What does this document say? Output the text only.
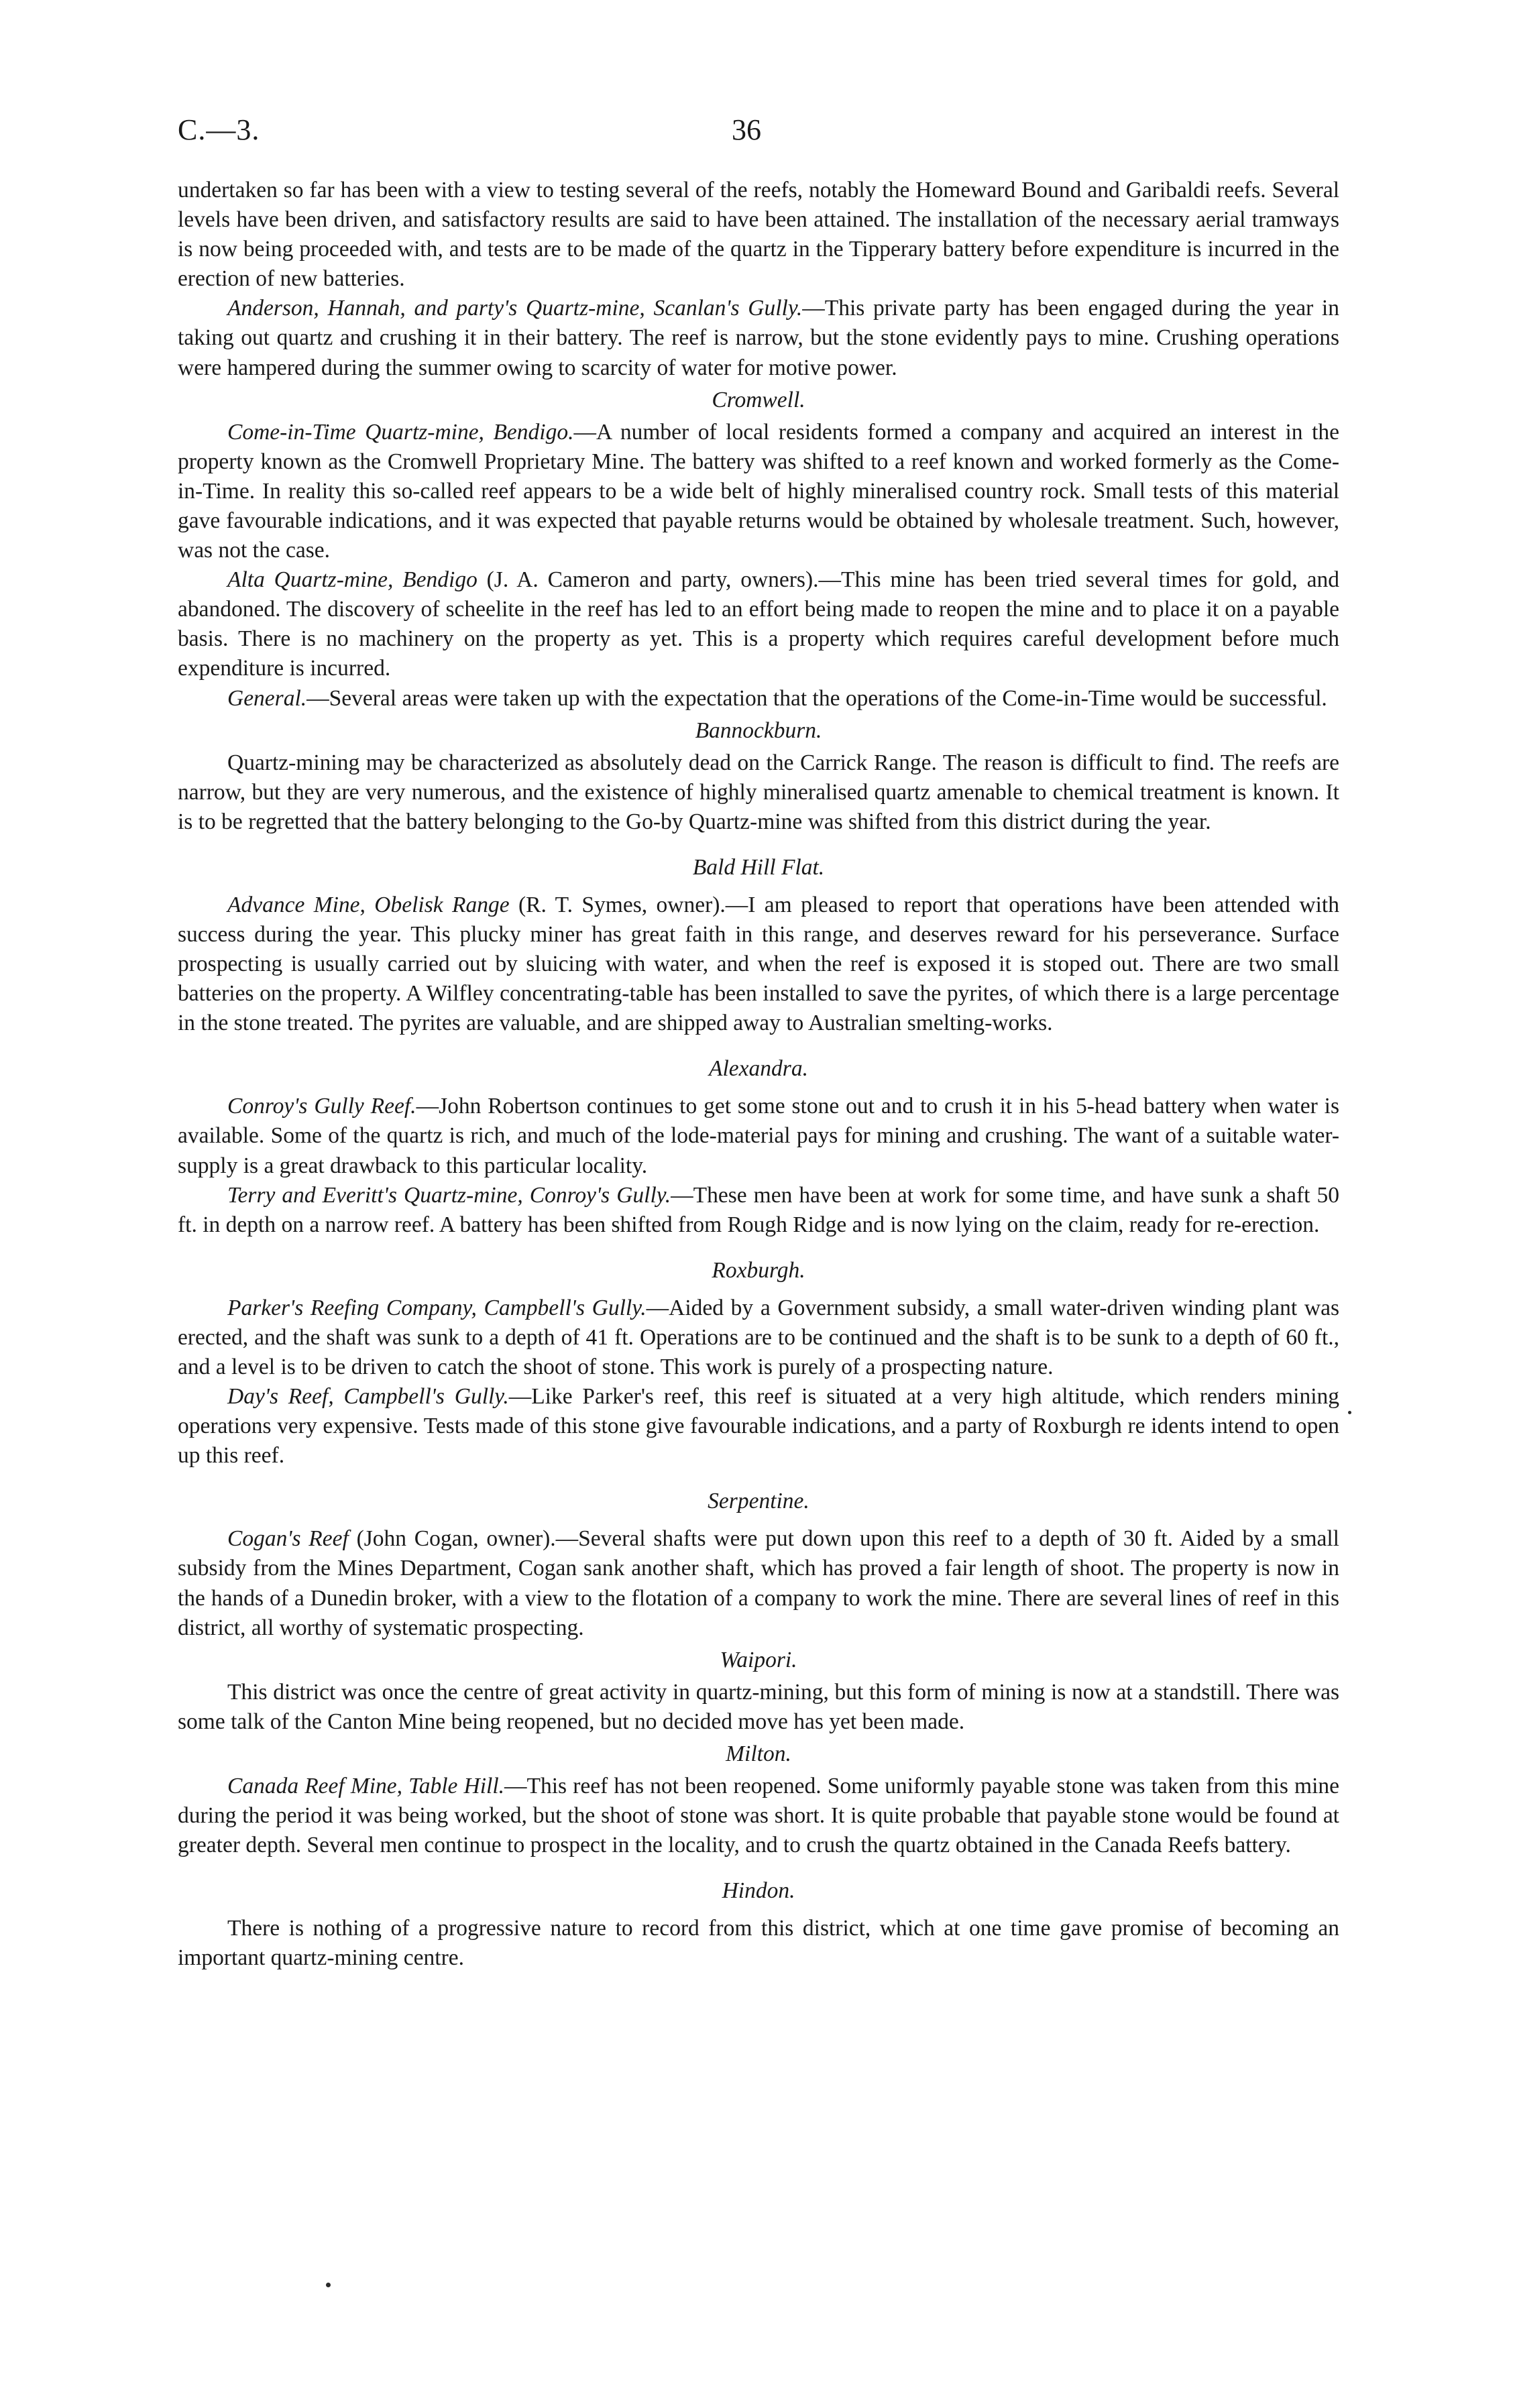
C.—3.	36

undertaken so far has been with a view to testing several of the reefs, notably the Homeward Bound and Garibaldi reefs. Several levels have been driven, and satisfactory results are said to have been attained. The installation of the necessary aerial tramways is now being proceeded with, and tests are to be made of the quartz in the Tipperary battery before expenditure is incurred in the erection of new batteries.

Anderson, Hannah, and party's Quartz-mine, Scanlan's Gully.—This private party has been engaged during the year in taking out quartz and crushing it in their battery. The reef is narrow, but the stone evidently pays to mine. Crushing operations were hampered during the summer owing to scarcity of water for motive power.

Cromwell.

Come-in-Time Quartz-mine, Bendigo.—A number of local residents formed a company and acquired an interest in the property known as the Cromwell Proprietary Mine. The battery was shifted to a reef known and worked formerly as the Come-in-Time. In reality this so-called reef appears to be a wide belt of highly mineralised country rock. Small tests of this material gave favourable indications, and it was expected that payable returns would be obtained by wholesale treatment. Such, however, was not the case.

Alta Quartz-mine, Bendigo (J. A. Cameron and party, owners).—This mine has been tried several times for gold, and abandoned. The discovery of scheelite in the reef has led to an effort being made to reopen the mine and to place it on a payable basis. There is no machinery on the property as yet. This is a property which requires careful development before much expenditure is incurred.

General.—Several areas were taken up with the expectation that the operations of the Come-in-Time would be successful.

Bannockburn.

Quartz-mining may be characterized as absolutely dead on the Carrick Range. The reason is difficult to find. The reefs are narrow, but they are very numerous, and the existence of highly mineralised quartz amenable to chemical treatment is known. It is to be regretted that the battery belonging to the Go-by Quartz-mine was shifted from this district during the year.

Bald Hill Flat.

Advance Mine, Obelisk Range (R. T. Symes, owner).—I am pleased to report that operations have been attended with success during the year. This plucky miner has great faith in this range, and deserves reward for his perseverance. Surface prospecting is usually carried out by sluicing with water, and when the reef is exposed it is stoped out. There are two small batteries on the property. A Wilfley concentrating-table has been installed to save the pyrites, of which there is a large percentage in the stone treated. The pyrites are valuable, and are shipped away to Australian smelting-works.

Alexandra.

Conroy's Gully Reef.—John Robertson continues to get some stone out and to crush it in his 5-head battery when water is available. Some of the quartz is rich, and much of the lode-material pays for mining and crushing. The want of a suitable water-supply is a great drawback to this particular locality.

Terry and Everitt's Quartz-mine, Conroy's Gully.—These men have been at work for some time, and have sunk a shaft 50 ft. in depth on a narrow reef. A battery has been shifted from Rough Ridge and is now lying on the claim, ready for re-erection.

Roxburgh.

Parker's Reefing Company, Campbell's Gully.—Aided by a Government subsidy, a small water-driven winding plant was erected, and the shaft was sunk to a depth of 41 ft. Operations are to be continued and the shaft is to be sunk to a depth of 60 ft., and a level is to be driven to catch the shoot of stone. This work is purely of a prospecting nature.

Day's Reef, Campbell's Gully.—Like Parker's reef, this reef is situated at a very high altitude, which renders mining operations very expensive. Tests made of this stone give favourable indications, and a party of Roxburgh re idents intend to open up this reef.

Serpentine.

Cogan's Reef (John Cogan, owner).—Several shafts were put down upon this reef to a depth of 30 ft. Aided by a small subsidy from the Mines Department, Cogan sank another shaft, which has proved a fair length of shoot. The property is now in the hands of a Dunedin broker, with a view to the flotation of a company to work the mine. There are several lines of reef in this district, all worthy of systematic prospecting.

Waipori.

This district was once the centre of great activity in quartz-mining, but this form of mining is now at a standstill. There was some talk of the Canton Mine being reopened, but no decided move has yet been made.

Milton.

Canada Reef Mine, Table Hill.—This reef has not been reopened. Some uniformly payable stone was taken from this mine during the period it was being worked, but the shoot of stone was short. It is quite probable that payable stone would be found at greater depth. Several men continue to prospect in the locality, and to crush the quartz obtained in the Canada Reefs battery.

Hindon.

There is nothing of a progressive nature to record from this district, which at one time gave promise of becoming an important quartz-mining centre.
